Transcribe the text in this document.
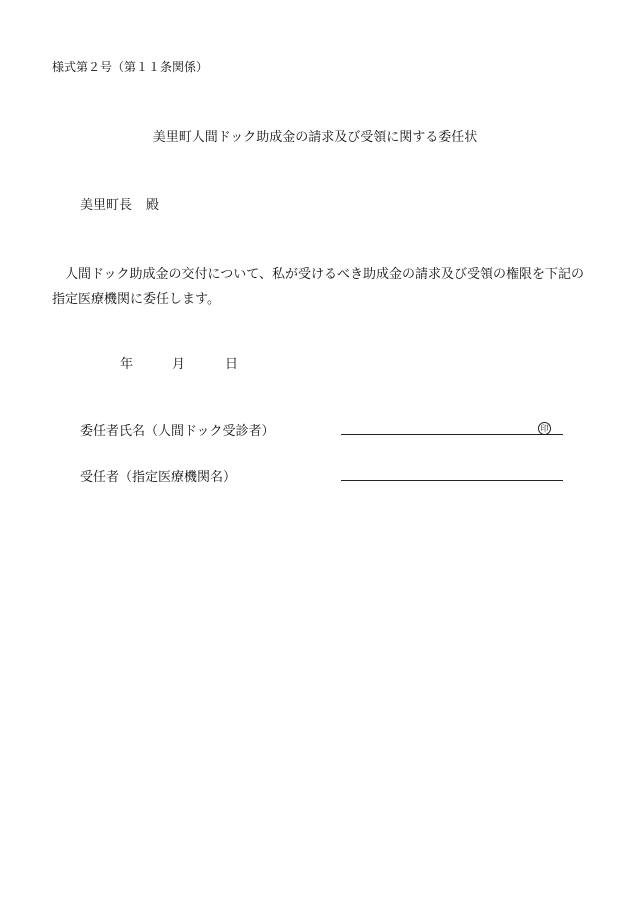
様式第２号（第１１条関係）
美里町人間ドック助成金の請求及び受領に関する委任状
美里町長 殿
人間ドック助成金の交付について、私が受けるべき助成金の請求及び受領の権限を下記の指定医療機関に委任します。
年	月	日
委任者氏名（人間ドック受診者）	印
受任者（指定医療機関名）
